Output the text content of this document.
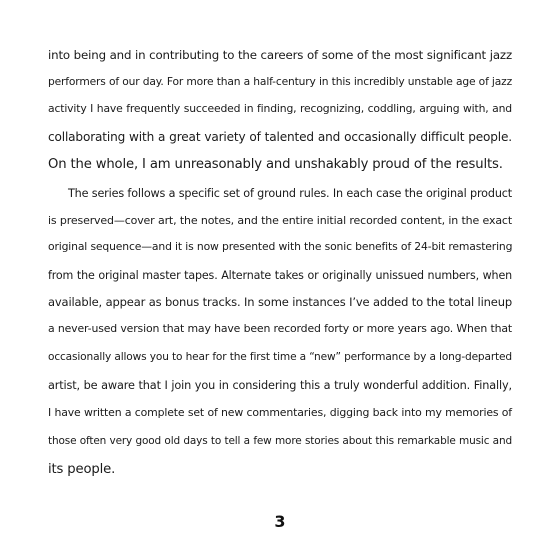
into being and in contributing to the careers of some of the most significant jazz
performers of our day. For more than a half-century in this incredibly unstable age of jazz
activity I have frequently succeeded in finding, recognizing, coddling, arguing with, and
collaborating with a great variety of talented and occasionally difficult people.
On the whole, I am unreasonably and unshakably proud of the results.
The series follows a specific set of ground rules. In each case the original product
is preserved—cover art, the notes, and the entire initial recorded content, in the exact
original sequence—and it is now presented with the sonic benefits of 24-bit remastering
from the original master tapes. Alternate takes or originally unissued numbers, when
available, appear as bonus tracks. In some instances I’ve added to the total lineup
a never-used version that may have been recorded forty or more years ago. When that
occasionally allows you to hear for the first time a “new” performance by a long-departed
artist, be aware that I join you in considering this a truly wonderful addition. Finally,
I have written a complete set of new commentaries, digging back into my memories of
those often very good old days to tell a few more stories about this remarkable music and
its people.
3
